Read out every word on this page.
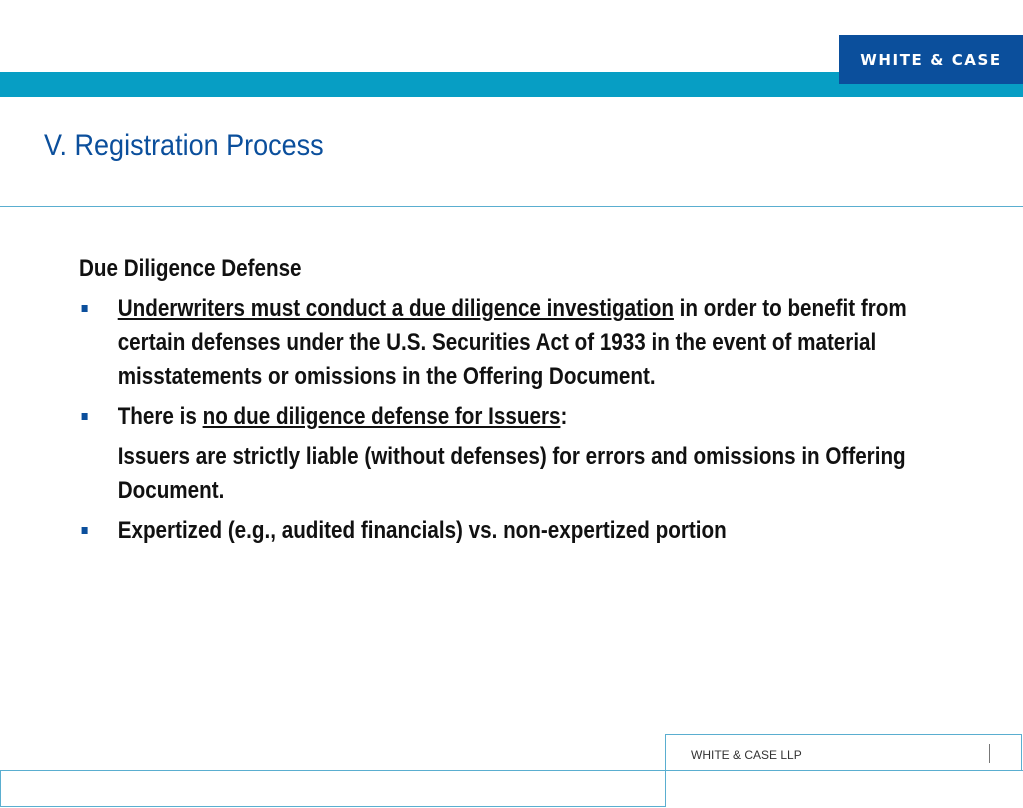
WHITE & CASE
V. Registration Process
Due Diligence Defense
Underwriters must conduct a due diligence investigation in order to benefit from certain defenses under the U.S. Securities Act of 1933 in the event of material misstatements or omissions in the Offering Document.
There is no due diligence defense for Issuers:
Issuers are strictly liable (without defenses) for errors and omissions in Offering Document.
Expertized (e.g., audited financials) vs. non-expertized portion
WHITE & CASE LLP
